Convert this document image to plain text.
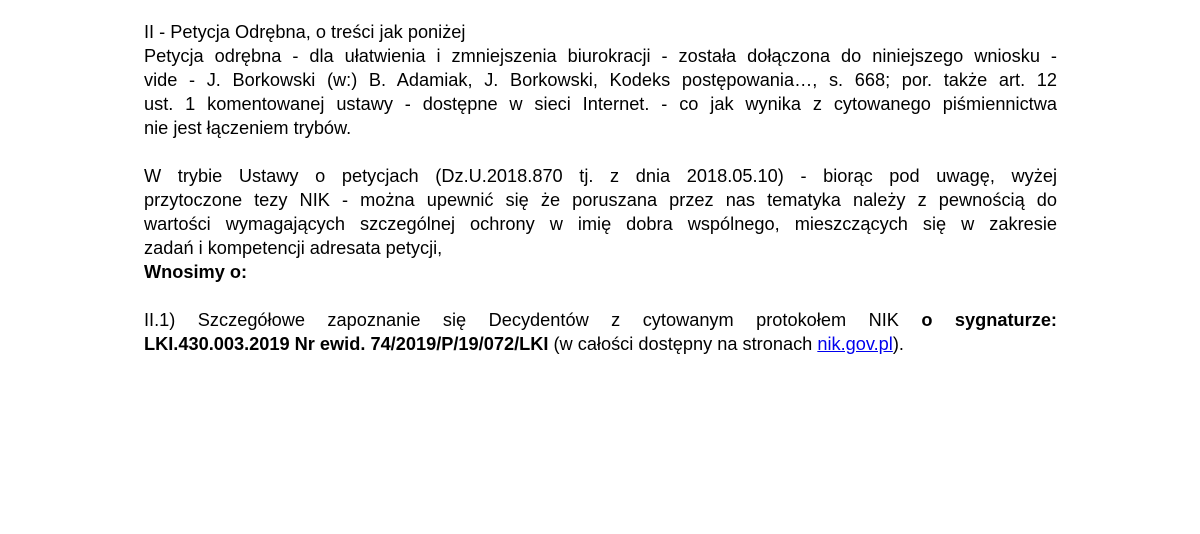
II - Petycja Odrębna, o treści jak poniżej
Petycja odrębna - dla ułatwienia i zmniejszenia biurokracji - została dołączona do niniejszego wniosku -
vide - J. Borkowski (w:) B. Adamiak, J. Borkowski, Kodeks postępowania…, s. 668; por. także art. 12
ust. 1 komentowanej ustawy - dostępne w sieci Internet. - co jak wynika z cytowanego piśmiennictwa
nie jest łączeniem trybów.
W trybie Ustawy o petycjach (Dz.U.2018.870 tj. z dnia 2018.05.10) - biorąc pod uwagę, wyżej
przytoczone tezy NIK - można upewnić się że poruszana przez nas tematyka należy z pewnością do
wartości wymagających szczególnej ochrony w imię dobra wspólnego, mieszczących się w zakresie
zadań i kompetencji adresata petycji,
Wnosimy o:
II.1) Szczegółowe zapoznanie się Decydentów z cytowanym protokołem NIK o sygnaturze:
LKI.430.003.2019 Nr ewid. 74/2019/P/19/072/LKI (w całości dostępny na stronach nik.gov.pl).
